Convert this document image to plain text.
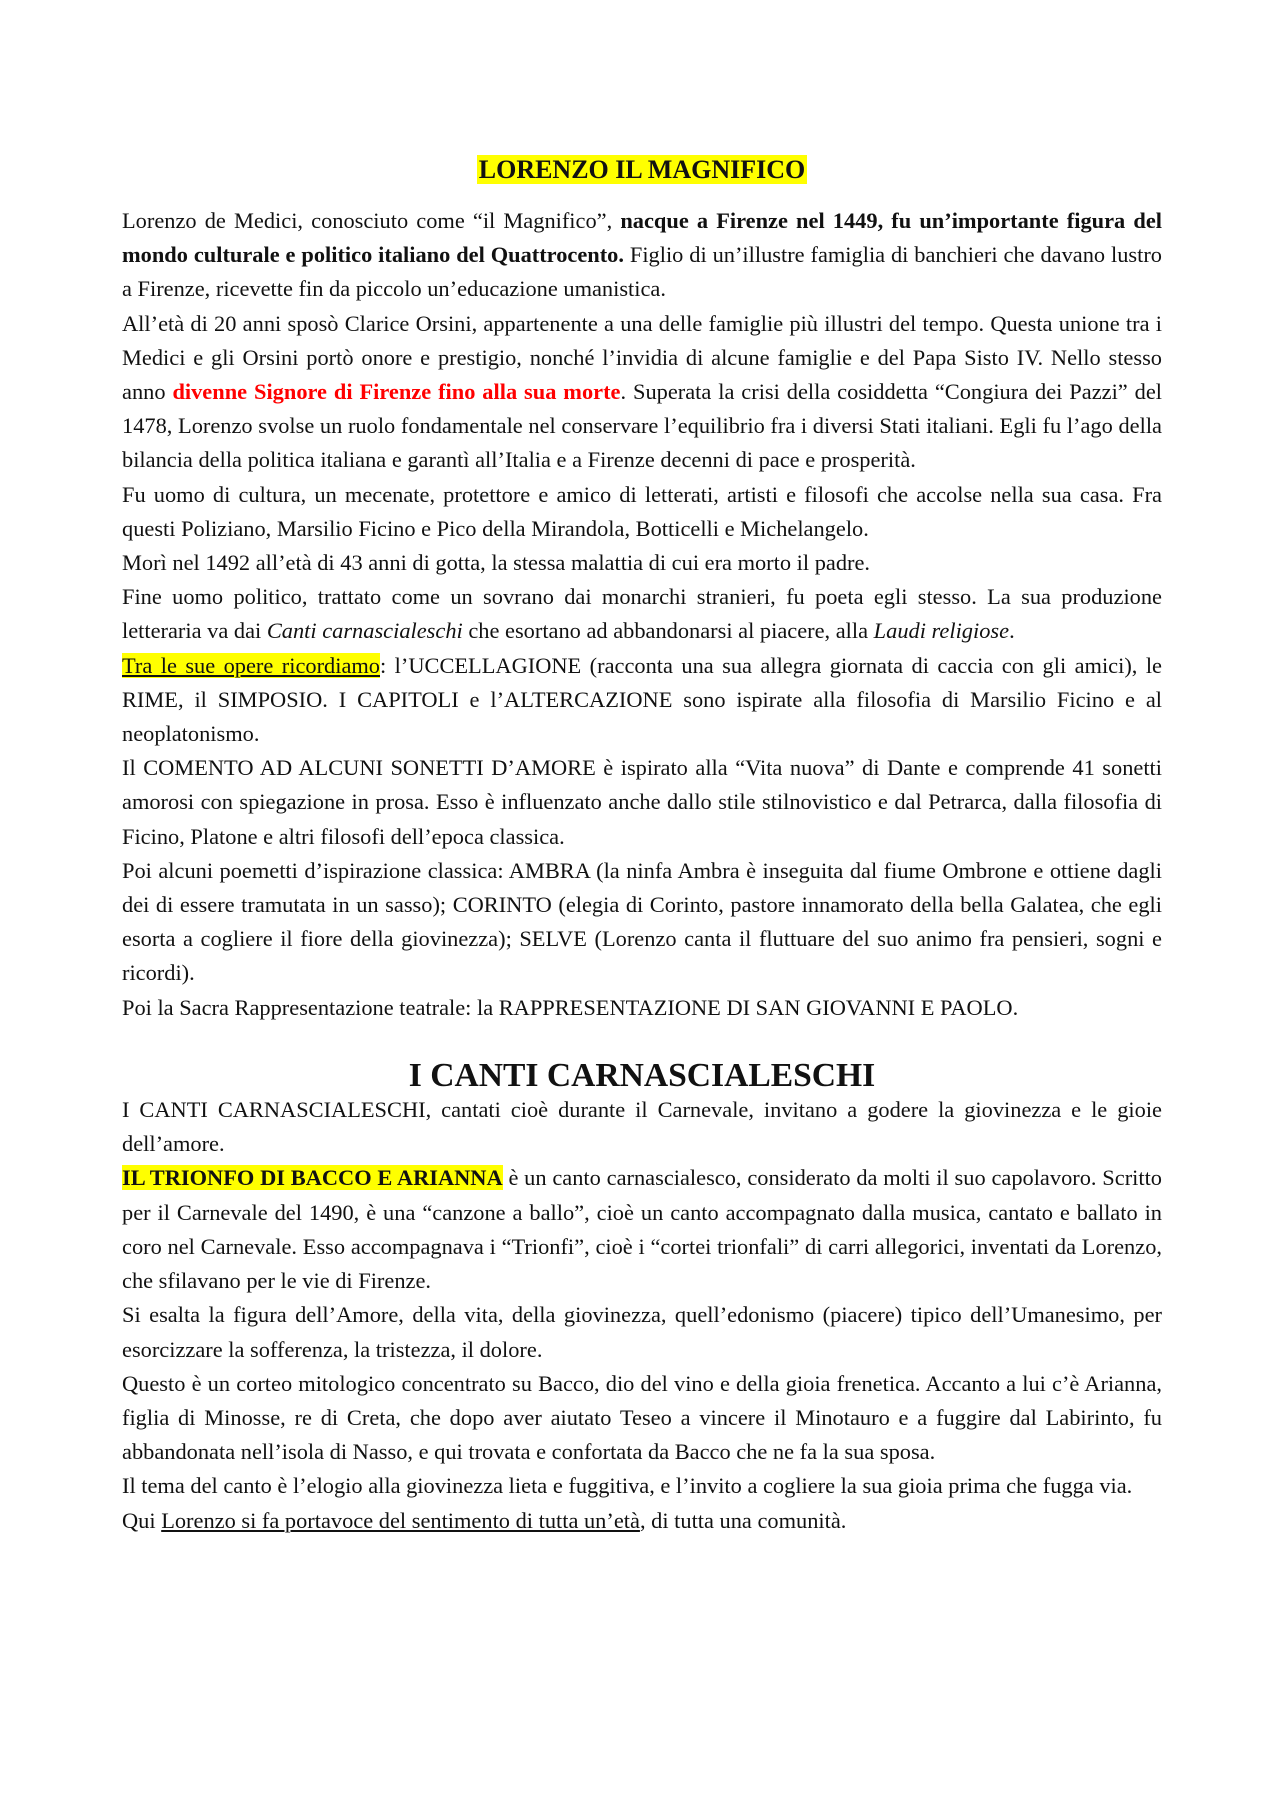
LORENZO IL MAGNIFICO

Lorenzo de Medici, conosciuto come “il Magnifico”, nacque a Firenze nel 1449, fu un’importante figura del mondo culturale e politico italiano del Quattrocento. Figlio di un’illustre famiglia di banchieri che davano lustro a Firenze, ricevette fin da piccolo un’educazione umanistica.

All’età di 20 anni sposò Clarice Orsini, appartenente a una delle famiglie più illustri del tempo. Questa unione tra i Medici e gli Orsini portò onore e prestigio, nonché l’invidia di alcune famiglie e del Papa Sisto IV. Nello stesso anno divenne Signore di Firenze fino alla sua morte. Superata la crisi della cosiddetta “Congiura dei Pazzi” del 1478, Lorenzo svolse un ruolo fondamentale nel conservare l’equilibrio fra i diversi Stati italiani. Egli fu l’ago della bilancia della politica italiana e garantì all’Italia e a Firenze decenni di pace e prosperità.

Fu uomo di cultura, un mecenate, protettore e amico di letterati, artisti e filosofi che accolse nella sua casa. Fra questi Poliziano, Marsilio Ficino e Pico della Mirandola, Botticelli e Michelangelo.

Morì nel 1492 all’età di 43 anni di gotta, la stessa malattia di cui era morto il padre.

Fine uomo politico, trattato come un sovrano dai monarchi stranieri, fu poeta egli stesso. La sua produzione letteraria va dai Canti carnascialeschi che esortano ad abbandonarsi al piacere, alla Laudi religiose.

Tra le sue opere ricordiamo: l’UCCELLAGIONE (racconta una sua allegra giornata di caccia con gli amici), le RIME, il SIMPOSIO. I CAPITOLI e l’ALTERCAZIONE sono ispirate alla filosofia di Marsilio Ficino e al neoplatonismo.

Il COMENTO AD ALCUNI SONETTI D’AMORE è ispirato alla “Vita nuova” di Dante e comprende 41 sonetti amorosi con spiegazione in prosa. Esso è influenzato anche dallo stile stilnovistico e dal Petrarca, dalla filosofia di Ficino, Platone e altri filosofi dell’epoca classica.

Poi alcuni poemetti d’ispirazione classica: AMBRA (la ninfa Ambra è inseguita dal fiume Ombrone e ottiene dagli dei di essere tramutata in un sasso); CORINTO (elegia di Corinto, pastore innamorato della bella Galatea, che egli esorta a cogliere il fiore della giovinezza); SELVE (Lorenzo canta il fluttuare del suo animo fra pensieri, sogni e ricordi).

Poi la Sacra Rappresentazione teatrale: la RAPPRESENTAZIONE DI SAN GIOVANNI E PAOLO.

I CANTI CARNASCIALESCHI

I CANTI CARNASCIALESCHI, cantati cioè durante il Carnevale, invitano a godere la giovinezza e le gioie dell’amore.

IL TRIONFO DI BACCO E ARIANNA è un canto carnascialesco, considerato da molti il suo capolavoro. Scritto per il Carnevale del 1490, è una “canzone a ballo”, cioè un canto accompagnato dalla musica, cantato e ballato in coro nel Carnevale. Esso accompagnava i “Trionfi”, cioè i “cortei trionfali” di carri allegorici, inventati da Lorenzo, che sfilavano per le vie di Firenze.

Si esalta la figura dell’Amore, della vita, della giovinezza, quell’edonismo (piacere) tipico dell’Umanesimo, per esorcizzare la sofferenza, la tristezza, il dolore.

Questo è un corteo mitologico concentrato su Bacco, dio del vino e della gioia frenetica. Accanto a lui c’è Arianna, figlia di Minosse, re di Creta, che dopo aver aiutato Teseo a vincere il Minotauro e a fuggire dal Labirinto, fu abbandonata nell’isola di Nasso, e qui trovata e confortata da Bacco che ne fa la sua sposa.

Il tema del canto è l’elogio alla giovinezza lieta e fuggitiva, e l’invito a cogliere la sua gioia prima che fugga via. Qui Lorenzo si fa portavoce del sentimento di tutta un’età, di tutta una comunità.
